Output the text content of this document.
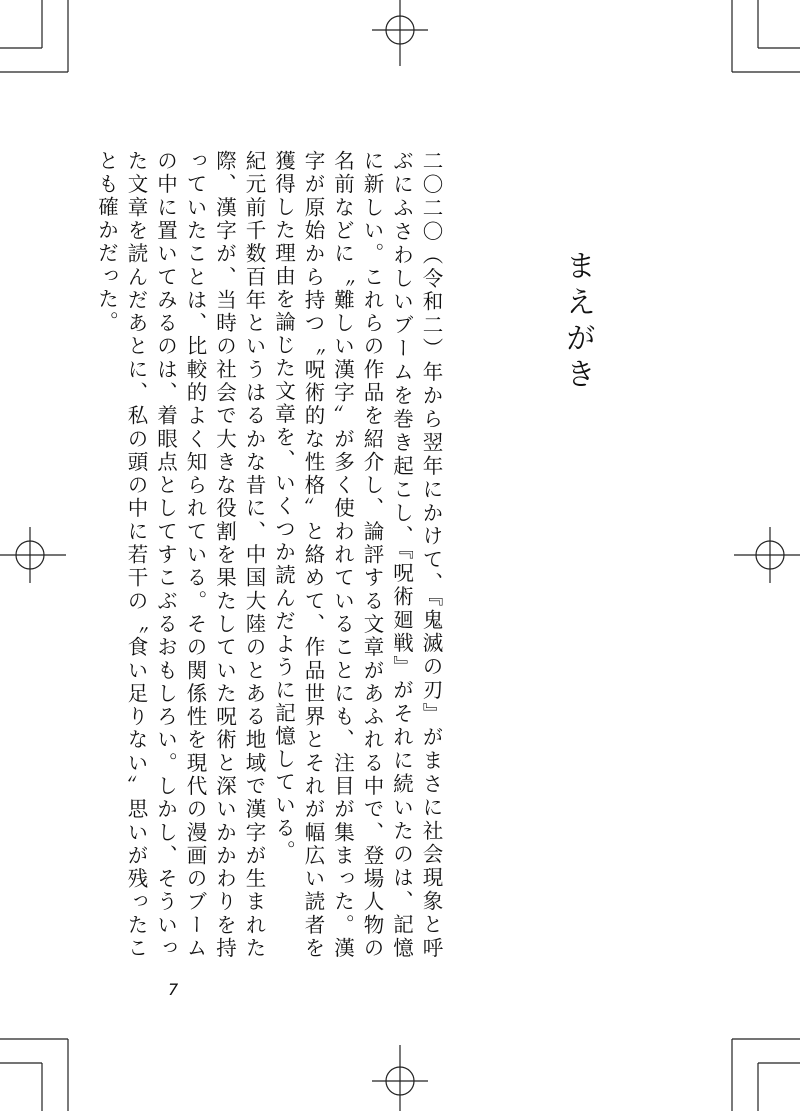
まえがき

二〇二〇（令和二）年から翌年にかけて、『鬼滅の刃』がまさに社会現象と呼ぶにふさわしいブームを巻き起こし、『呪術廻戦』がそれに続いたのは、記憶に新しい。これらの作品を紹介し、論評する文章があふれる中で、登場人物の名前などに〝難しい漢字〟が多く使われていることにも、注目が集まった。漢字が原始から持つ〝呪術的な性格〟と絡めて、作品世界とそれが幅広い読者を獲得した理由を論じた文章を、いくつか読んだように記憶している。

紀元前千数百年というはるかな昔に、中国大陸のとある地域で漢字が生まれた際、漢字が、当時の社会で大きな役割を果たしていた呪術と深いかかわりを持っていたことは、比較的よく知られている。その関係性を現代の漫画のブームの中に置いてみるのは、着眼点としてすこぶるおもしろい。しかし、そういった文章を読んだあとに、私の頭の中に若干の〝食い足りない〟思いが残ったことも確かだった。

7
